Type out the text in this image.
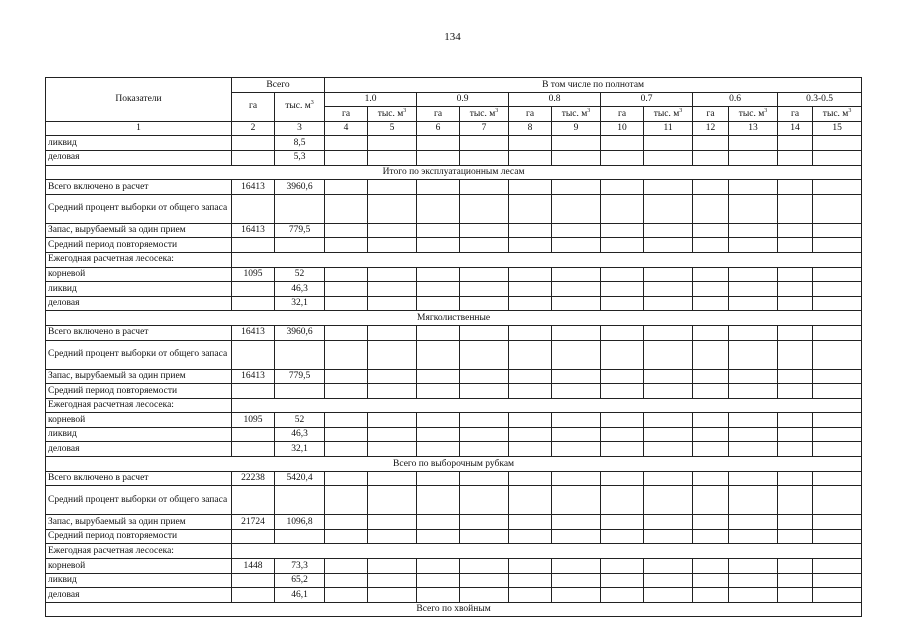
134
Показатели	Всего		В том числе по полнотам											
	га	тыс. $м^3$	1.0		0.9		0.8		0.7		0.6		0.3-0.5	
			га	тыс. $м^3$	га	тыс. $м^3$	га	тыс. $м^3$	га	тыс. $м^3$	га	тыс. $м^3$	га	тыс. $м^3$
1	2	3	4	5	6	7	8	9	10	11	12	13	14	15
ликвид		8,5												
деловая		5,3												
Итого по эксплуатационным лесам														
Всего включено в расчет	16413	3960,6												
Средний процент выборки от общего запаса														
Запас, вырубаемый за один прием	16413	779,5												
Средний период повторяемости														
Ежегодная расчетная лесосека:														
корневой	1095	52												
ликвид		46,3												
деловая		32,1												
Мягколиственные														
Всего включено в расчет	16413	3960,6												
Средний процент выборки от общего запаса														
Запас, вырубаемый за один прием	16413	779,5												
Средний период повторяемости														
Ежегодная расчетная лесосека:														
корневой	1095	52												
ликвид		46,3												
деловая		32,1												
Всего по выборочным рубкам														
Всего включено в расчет	22238	5420,4												
Средний процент выборки от общего запаса														
Запас, вырубаемый за один прием	21724	1096,8												
Средний период повторяемости														
Ежегодная расчетная лесосека:														
корневой	1448	73,3												
ликвид		65,2												
деловая		46,1												
Всего по хвойным														
